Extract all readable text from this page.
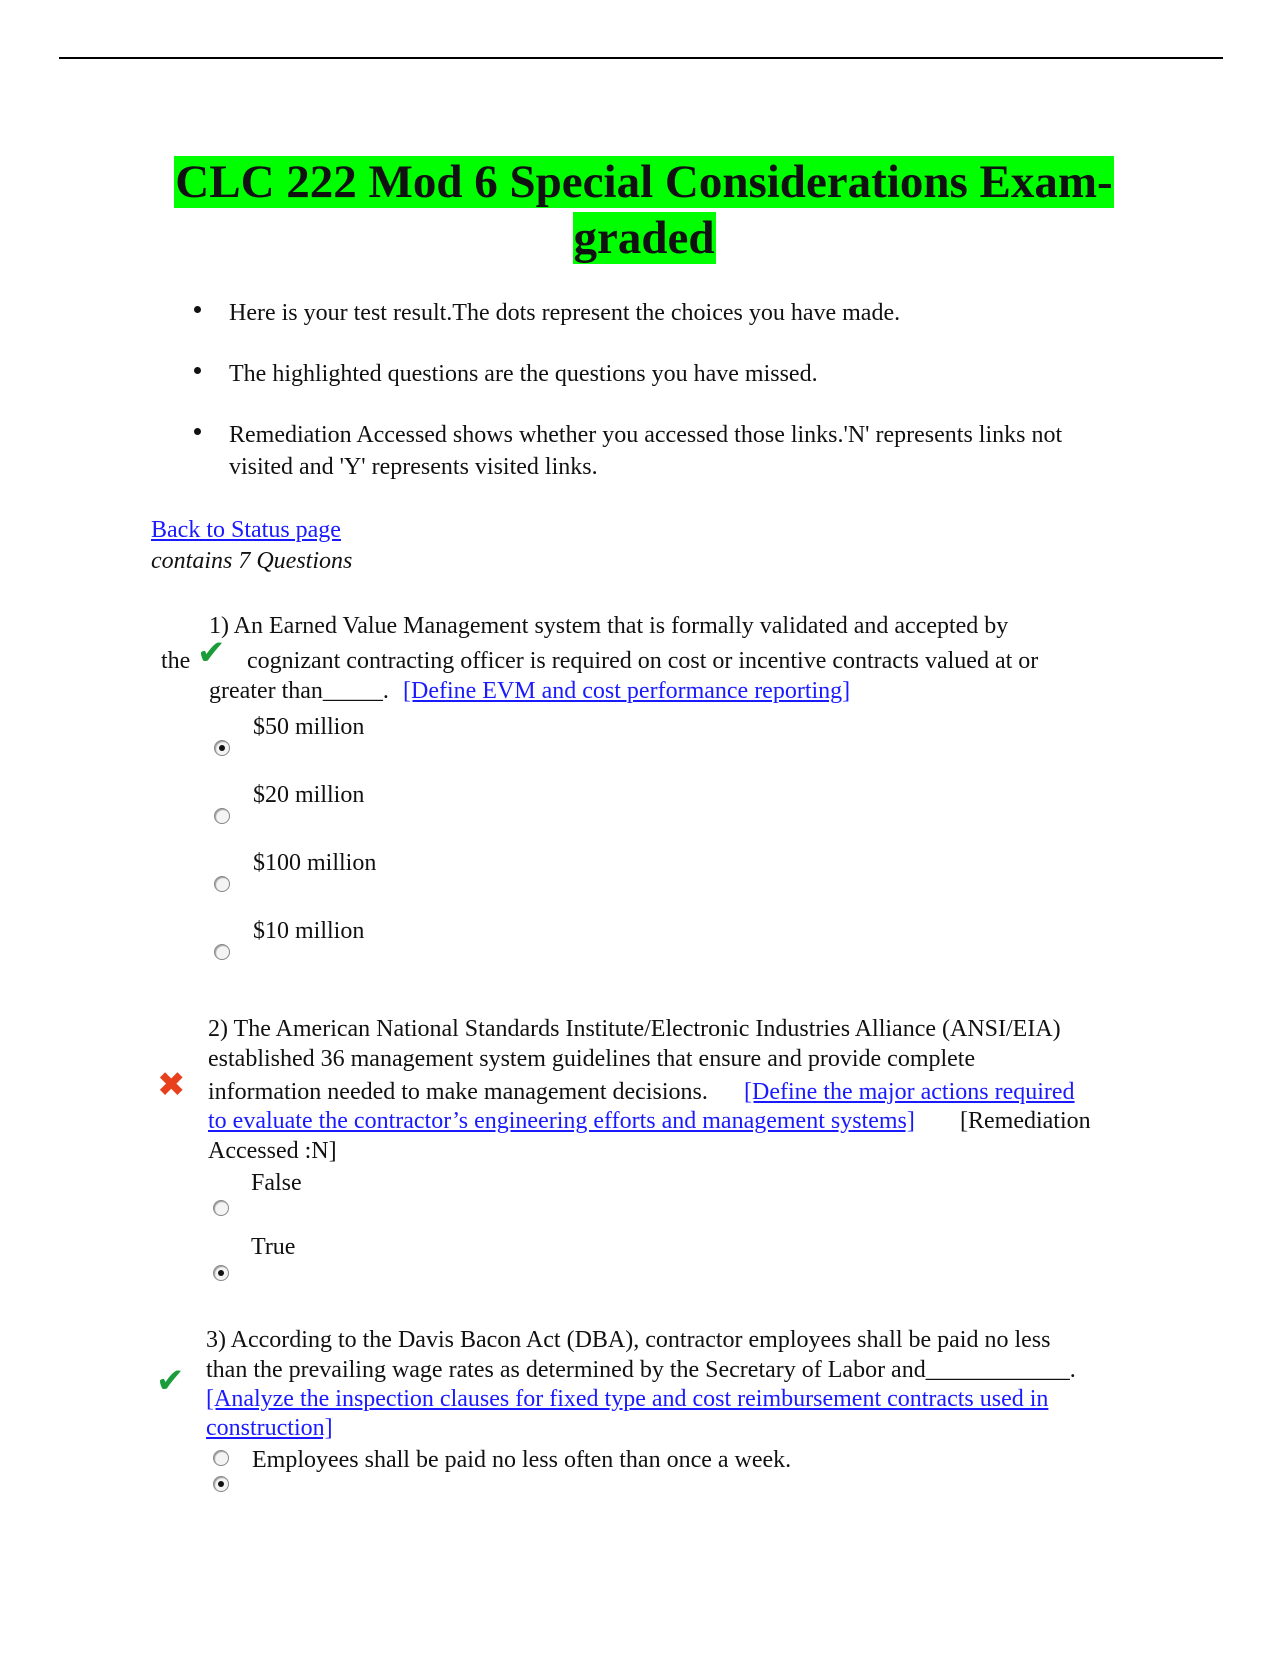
CLC 222 Mod 6 Special Considerations Exam-
graded
Here is your test result.The dots represent the choices you have made.
The highlighted questions are the questions you have missed.
Remediation Accessed shows whether you accessed those links.'N' represents links not
visited and 'Y' represents visited links.
Back to Status page
contains 7 Questions
1) An Earned Value Management system that is formally validated and accepted by
the ✔ cognizant contracting officer is required on cost or incentive contracts valued at or
greater than_____. [Define EVM and cost performance reporting]
$50 million
$20 million
$100 million
$10 million
2) The American National Standards Institute/Electronic Industries Alliance (ANSI/EIA)
established 36 management system guidelines that ensure and provide complete
✖ information needed to make management decisions. [Define the major actions required
to evaluate the contractor’s engineering efforts and management systems] [Remediation
Accessed :N]
False
True
3) According to the Davis Bacon Act (DBA), contractor employees shall be paid no less
than the prevailing wage rates as determined by the Secretary of Labor and____________.
✔ [Analyze the inspection clauses for fixed type and cost reimbursement contracts used in
construction]
Employees shall be paid no less often than once a week.
